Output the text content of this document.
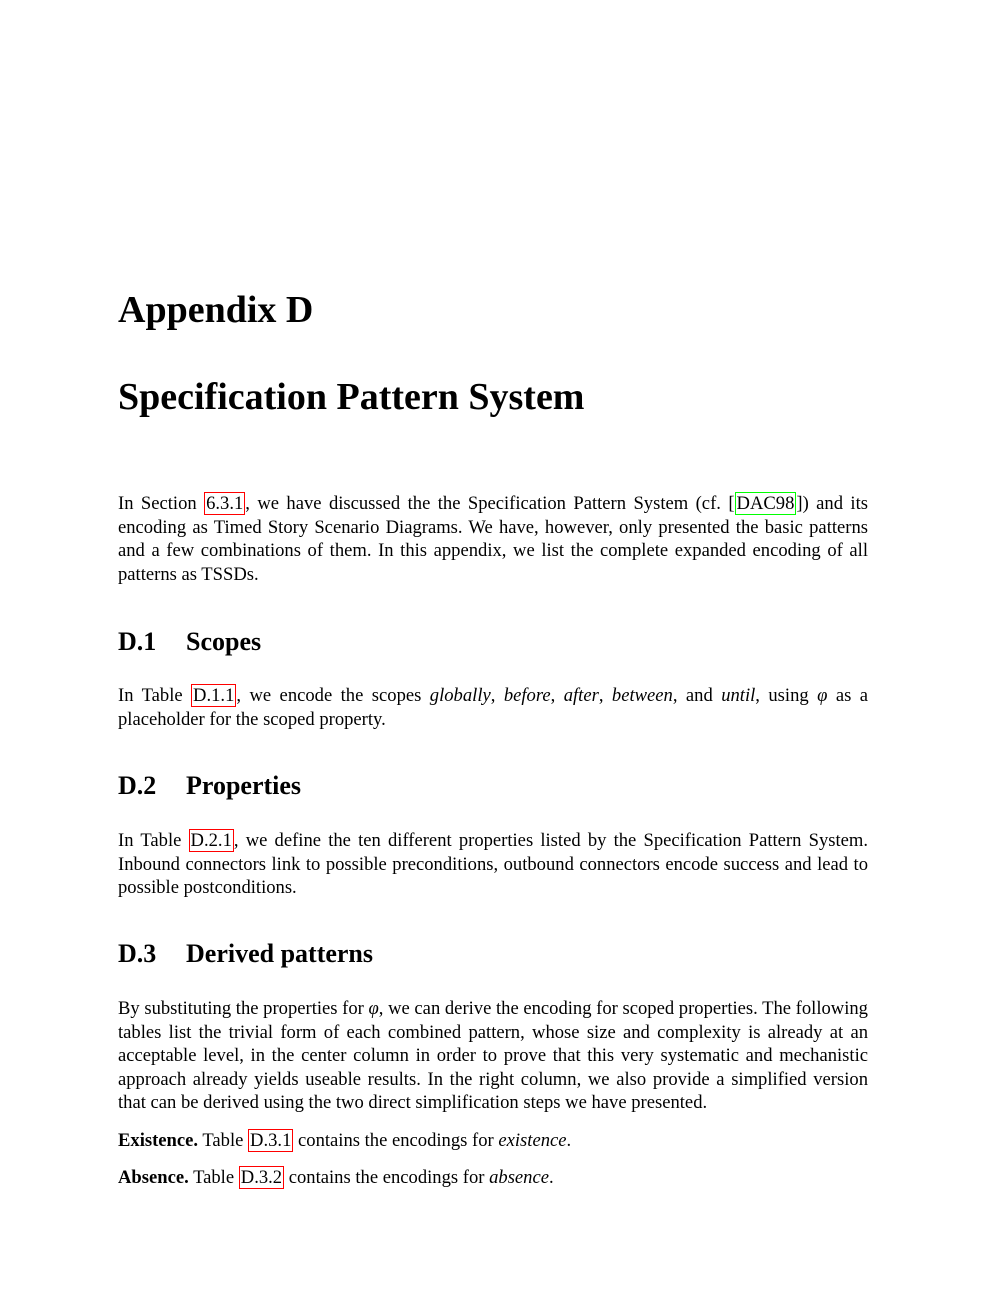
Appendix D
Specification Pattern System

In Section 6.3.1 , we have discussed the the Specification Pattern System (cf. [ DAC98 ]) and its encoding as Timed Story Scenario Diagrams. We have, however, only presented the basic patterns and a few combinations of them. In this appendix, we list the complete expanded encoding of all patterns as TSSDs.

D.1 Scopes

In Table D.1.1 , we encode the scopes globally, before, after, between, and until, using φ as a placeholder for the scoped property.

D.2 Properties

In Table D.2.1 , we define the ten different properties listed by the Specification Pattern System. Inbound connectors link to possible preconditions, outbound connectors encode success and lead to possible postconditions.

D.3 Derived patterns

By substituting the properties for φ, we can derive the encoding for scoped properties. The following tables list the trivial form of each combined pattern, whose size and complexity is already at an acceptable level, in the center column in order to prove that this very systematic and mechanistic approach already yields useable results. In the right column, we also provide a simplified version that can be derived using the two direct simplification steps we have presented.

Existence. Table D.3.1 contains the encodings for existence.

Absence. Table D.3.2 contains the encodings for absence.
